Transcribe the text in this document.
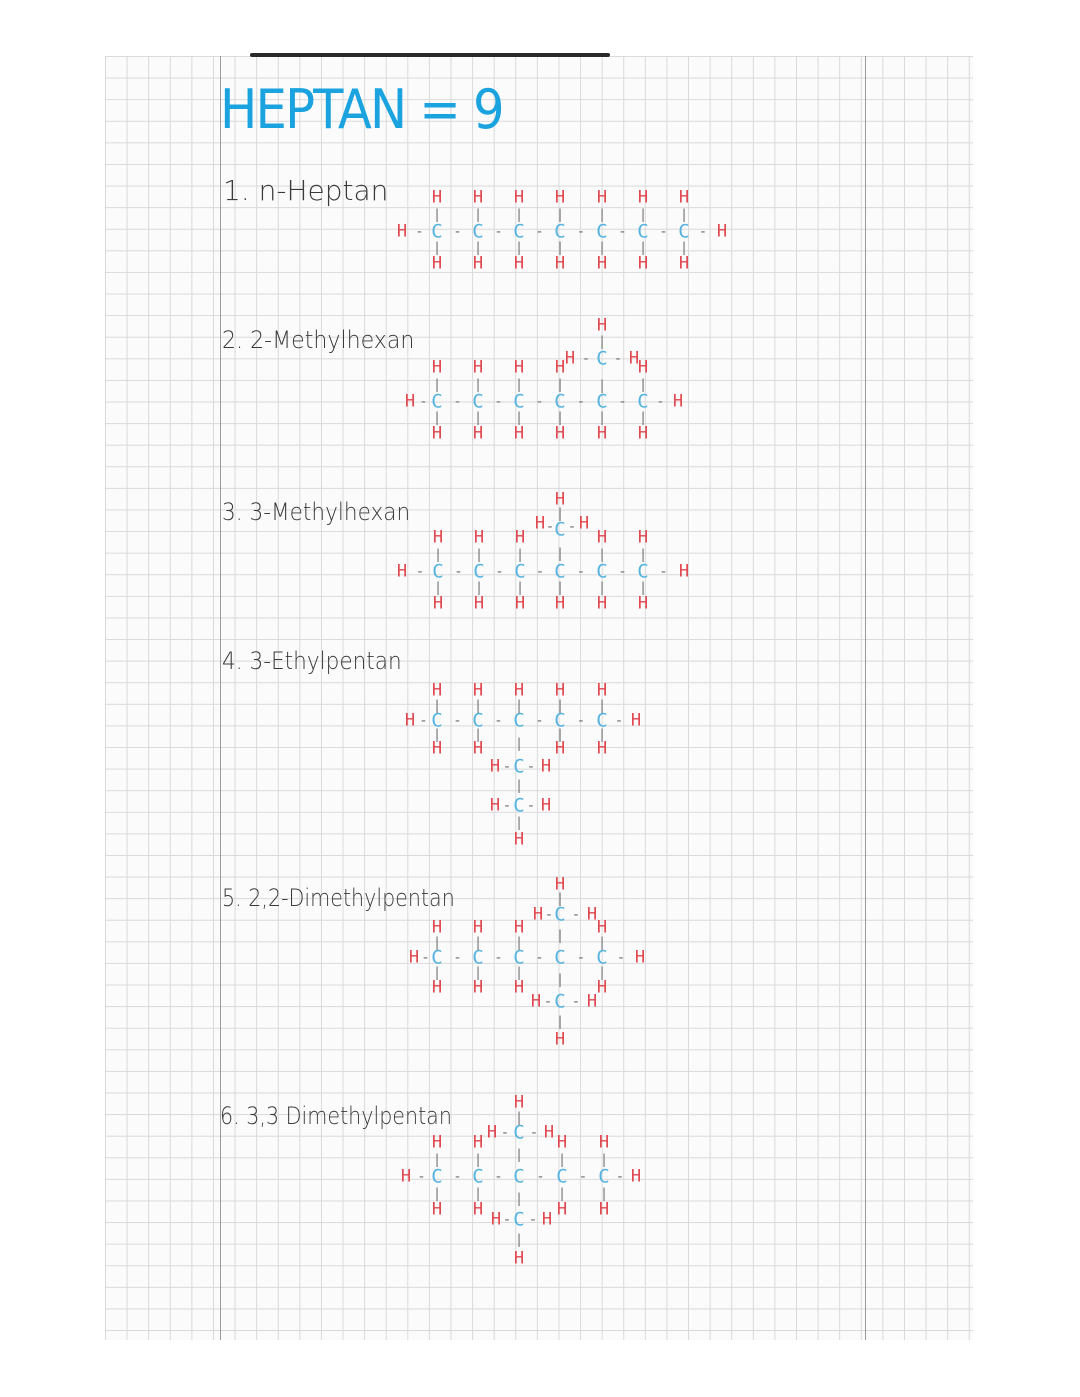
HEPTAN = 9

1. n-Heptan

2. 2-Methylhexan

3. 3-Methylhexan

4. 3-Ethylpentan

5. 2,2-Dimethylpentan

6. 3,3 Dimethylpentan

H - C - C - C - C - C - C - C - H
|
H
|
H
|
H
|
H
|
H
|
H
|
H
|
H
|
H
|
H
|
H
|
H
|
H
|
H
H - C - C - C - C - C - C - H
|
H
|
H
|
H
|
H
|
H
|
H
|
H
|
H
|
H
|
H
|
H
|
C
H - - H
|
H
H - C - C - C - C - C - C - H
|
H
|
H
|
H
|
H
|
H
|
H
|
H
|
H
|
H
|
H
|
H
|
C
H - - H
|
H
H - C - C - C - C - C - H
|
H
|
H
|
H
|
H
|
H
|
H
|
H
|
H
|
H
|
C
H - - H
|
C
H - - H
|
H
H - C - C - C - C - C - H
|
H
|
H
|
H
|
H
|
H
|
H
|
H
|
H
|
C
H - - H
|
H
|
C
H - - H
|
H
H - C - C - C - C - C - H
|
H
|
H
|
H
|
H
|
H
|
H
|
H
|
H
|
C
H - - H
|
H
|
C
H - - H
|
H
